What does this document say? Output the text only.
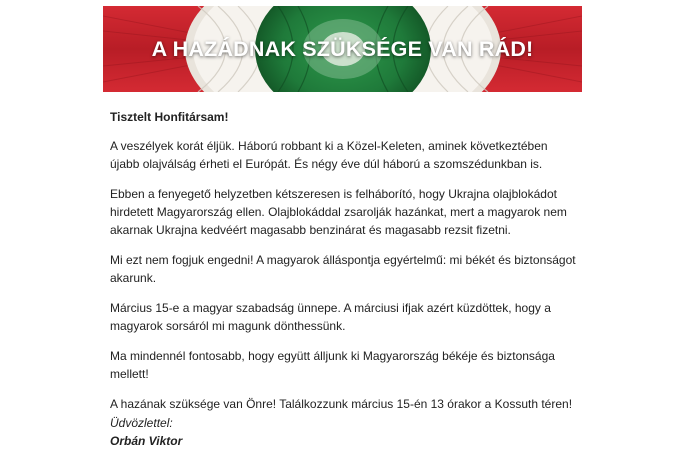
A HAZÁDNAK SZÜKSÉGE VAN RÁD!
Tisztelt Honfitársam!

A veszélyek korát éljük. Háború robbant ki a Közel-Keleten, aminek következtében újabb olajválság érheti el Európát. És négy éve dúl háború a szomszédunkban is.

Ebben a fenyegető helyzetben kétszeresen is felháborító, hogy Ukrajna olajblokádot hirdetett Magyarország ellen. Olajblokáddal zsarolják hazánkat, mert a magyarok nem akarnak Ukrajna kedvéért magasabb benzinárat és magasabb rezsit fizetni.

Mi ezt nem fogjuk engedni! A magyarok álláspontja egyértelmű: mi békét és biztonságot akarunk.

Március 15-e a magyar szabadság ünnepe. A márciusi ifjak azért küzdöttek, hogy a magyarok sorsáról mi magunk dönthessünk.

Ma mindennél fontosabb, hogy együtt álljunk ki Magyarország békéje és biztonsága mellett!

A hazának szüksége van Önre! Találkozzunk március 15-én 13 órakor a Kossuth téren!

Üdvözlettel:
Orbán Viktor
